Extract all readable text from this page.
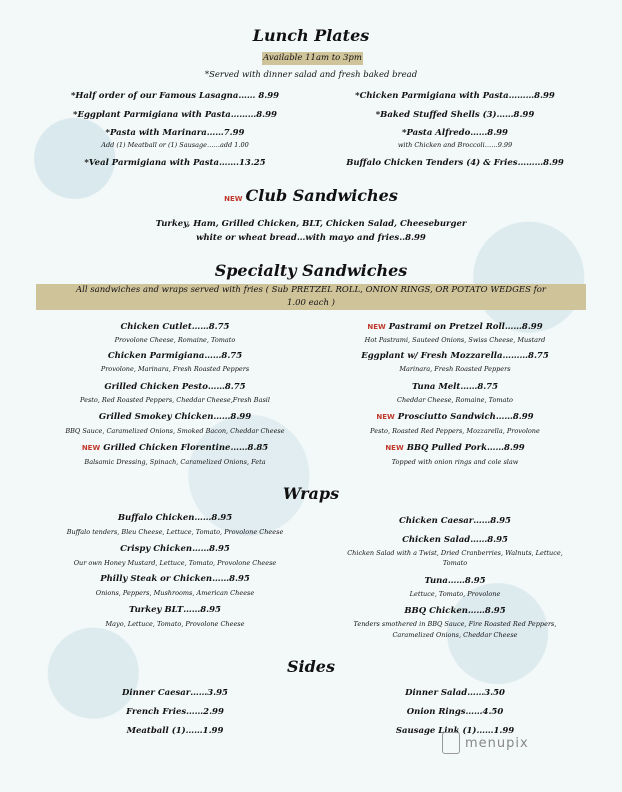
Lunch Plates
Available 11am to 3pm
*Served with dinner salad and fresh baked bread
*Half order of our Famous Lasagna…… 8.99
*Eggplant Parmigiana with Pasta………8.99
*Pasta with Marinara……7.99
Add (1) Meatball or (1) Sausage……add 1.00
*Veal Parmigiana with Pasta…….13.25
*Chicken Parmigiana with Pasta………8.99
*Baked Stuffed Shells (3)……8.99
*Pasta Alfredo……8.99
with Chicken and Broccoli……9.99
Buffalo Chicken Tenders (4) & Fries………8.99
NEW Club Sandwiches
Turkey, Ham, Grilled Chicken, BLT, Chicken Salad, Cheeseburger
white or wheat bread…with mayo and fries..8.99
Specialty Sandwiches
All sandwiches and wraps served with fries ( Sub PRETZEL ROLL, ONION RINGS, OR POTATO WEDGES for
1.00 each )
Chicken Cutlet……8.75
Provolone Cheese, Romaine, Tomato
Chicken Parmigiana……8.75
Provolone, Marinara, Fresh Roasted Peppers
Grilled Chicken Pesto……8.75
Pesto, Red Roasted Peppers, Cheddar Cheese,Fresh Basil
Grilled Smokey Chicken……8.99
BBQ Sauce, Caramelized Onions, Smoked Bacon, Cheddar Cheese
NEW Grilled Chicken Florentine……8.85
Balsamic Dressing, Spinach, Caramelized Onions, Feta
NEW Pastrami on Pretzel Roll……8.99
Hot Pastrami, Sauteed Onions, Swiss Cheese, Mustard
Eggplant w/ Fresh Mozzarella………8.75
Marinara, Fresh Roasted Peppers
Tuna Melt……8.75
Cheddar Cheese, Romaine, Tomato
NEW Prosciutto Sandwich……8.99
Pesto, Roasted Red Peppers, Mozzarella, Provolone
NEW BBQ Pulled Pork……8.99
Topped with onion rings and cole slaw
Wraps
Buffalo Chicken……8.95
Buffalo tenders, Bleu Cheese, Lettuce, Tomato, Provolone Cheese
Crispy Chicken……8.95
Our own Honey Mustard, Lettuce, Tomato, Provolone Cheese
Philly Steak or Chicken……8.95
Onions, Peppers, Mushrooms, American Cheese
Turkey BLT……8.95
Mayo, Lettuce, Tomato, Provolone Cheese
Chicken Caesar……8.95
Chicken Salad……8.95
Chicken Salad with a Twist, Dried Cranberries, Walnuts, Lettuce,
Tomato
Tuna……8.95
Lettuce, Tomato, Provolone
BBQ Chicken……8.95
Tenders smothered in BBQ Sauce, Fire Roasted Red Peppers,
Caramelized Onions, Cheddar Cheese
Sides
Dinner Caesar……3.95
French Fries……2.99
Meatball (1)……1.99
Dinner Salad……3.50
Onion Rings……4.50
Sausage Link (1)……1.99
menupix
